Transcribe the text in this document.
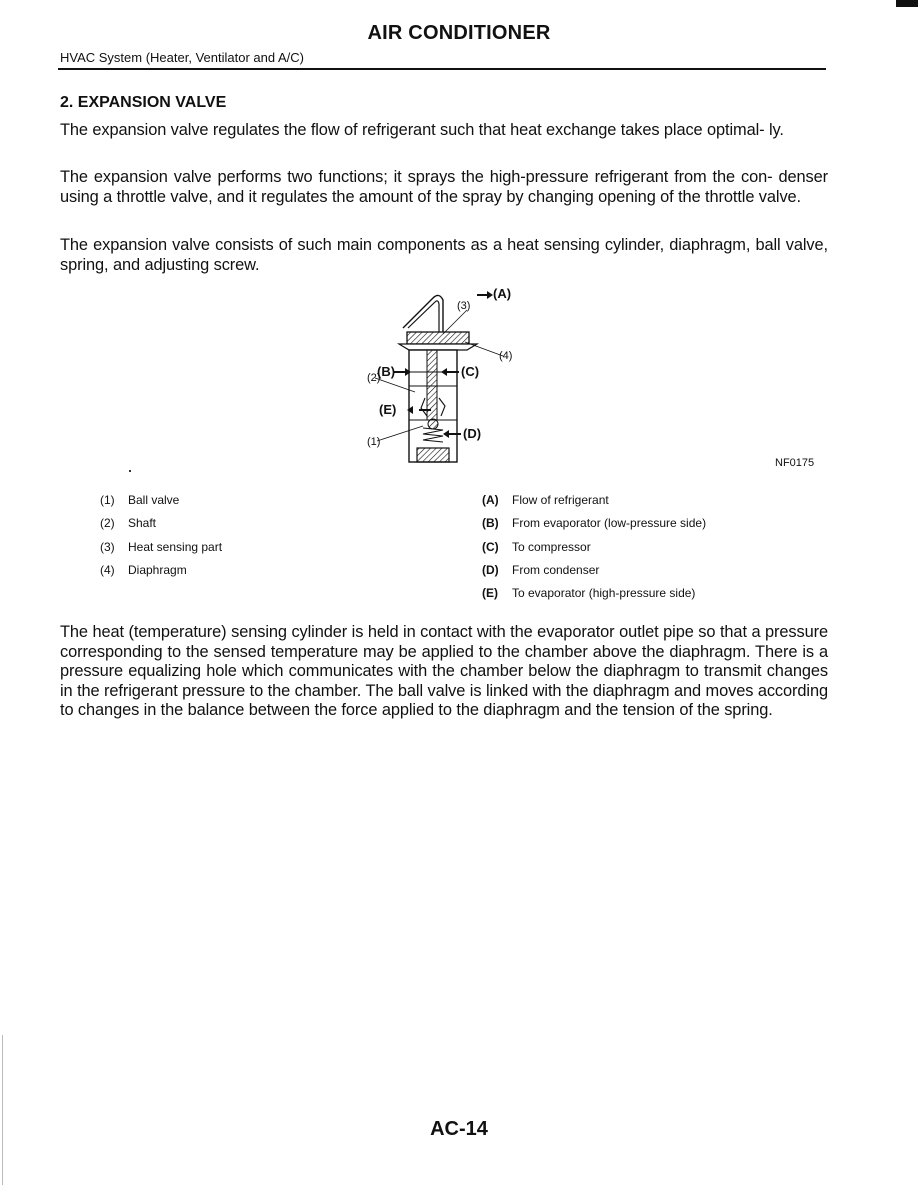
AIR CONDITIONER
HVAC System (Heater, Ventilator and A/C)
2. EXPANSION VALVE

The expansion valve regulates the flow of refrigerant such that heat exchange takes place optimal- ly.

The expansion valve performs two functions; it sprays the high-pressure refrigerant from the con- denser using a throttle valve, and it regulates the amount of the spray by changing opening of the throttle valve.

The expansion valve consists of such main components as a heat sensing cylinder, diaphragm, ball valve, spring, and adjusting screw.

(A)
(3)
(4)
(2)
(B)	(C)
(E)
(1)
(D)
NF0175
(1) Ball valve
(2) Shaft
(3) Heat sensing part
(4) Diaphragm
(A) Flow of refrigerant
(B) From evaporator (low-pressure side)
(C) To compressor
(D) From condenser
(E) To evaporator (high-pressure side)

The heat (temperature) sensing cylinder is held in contact with the evaporator outlet pipe so that a pressure corresponding to the sensed temperature may be applied to the chamber above the diaphragm. There is a pressure equalizing hole which communicates with the chamber below the diaphragm to transmit changes in the refrigerant pressure to the chamber. The ball valve is linked with the diaphragm and moves according to changes in the balance between the force applied to the diaphragm and the tension of the spring.

AC-14
